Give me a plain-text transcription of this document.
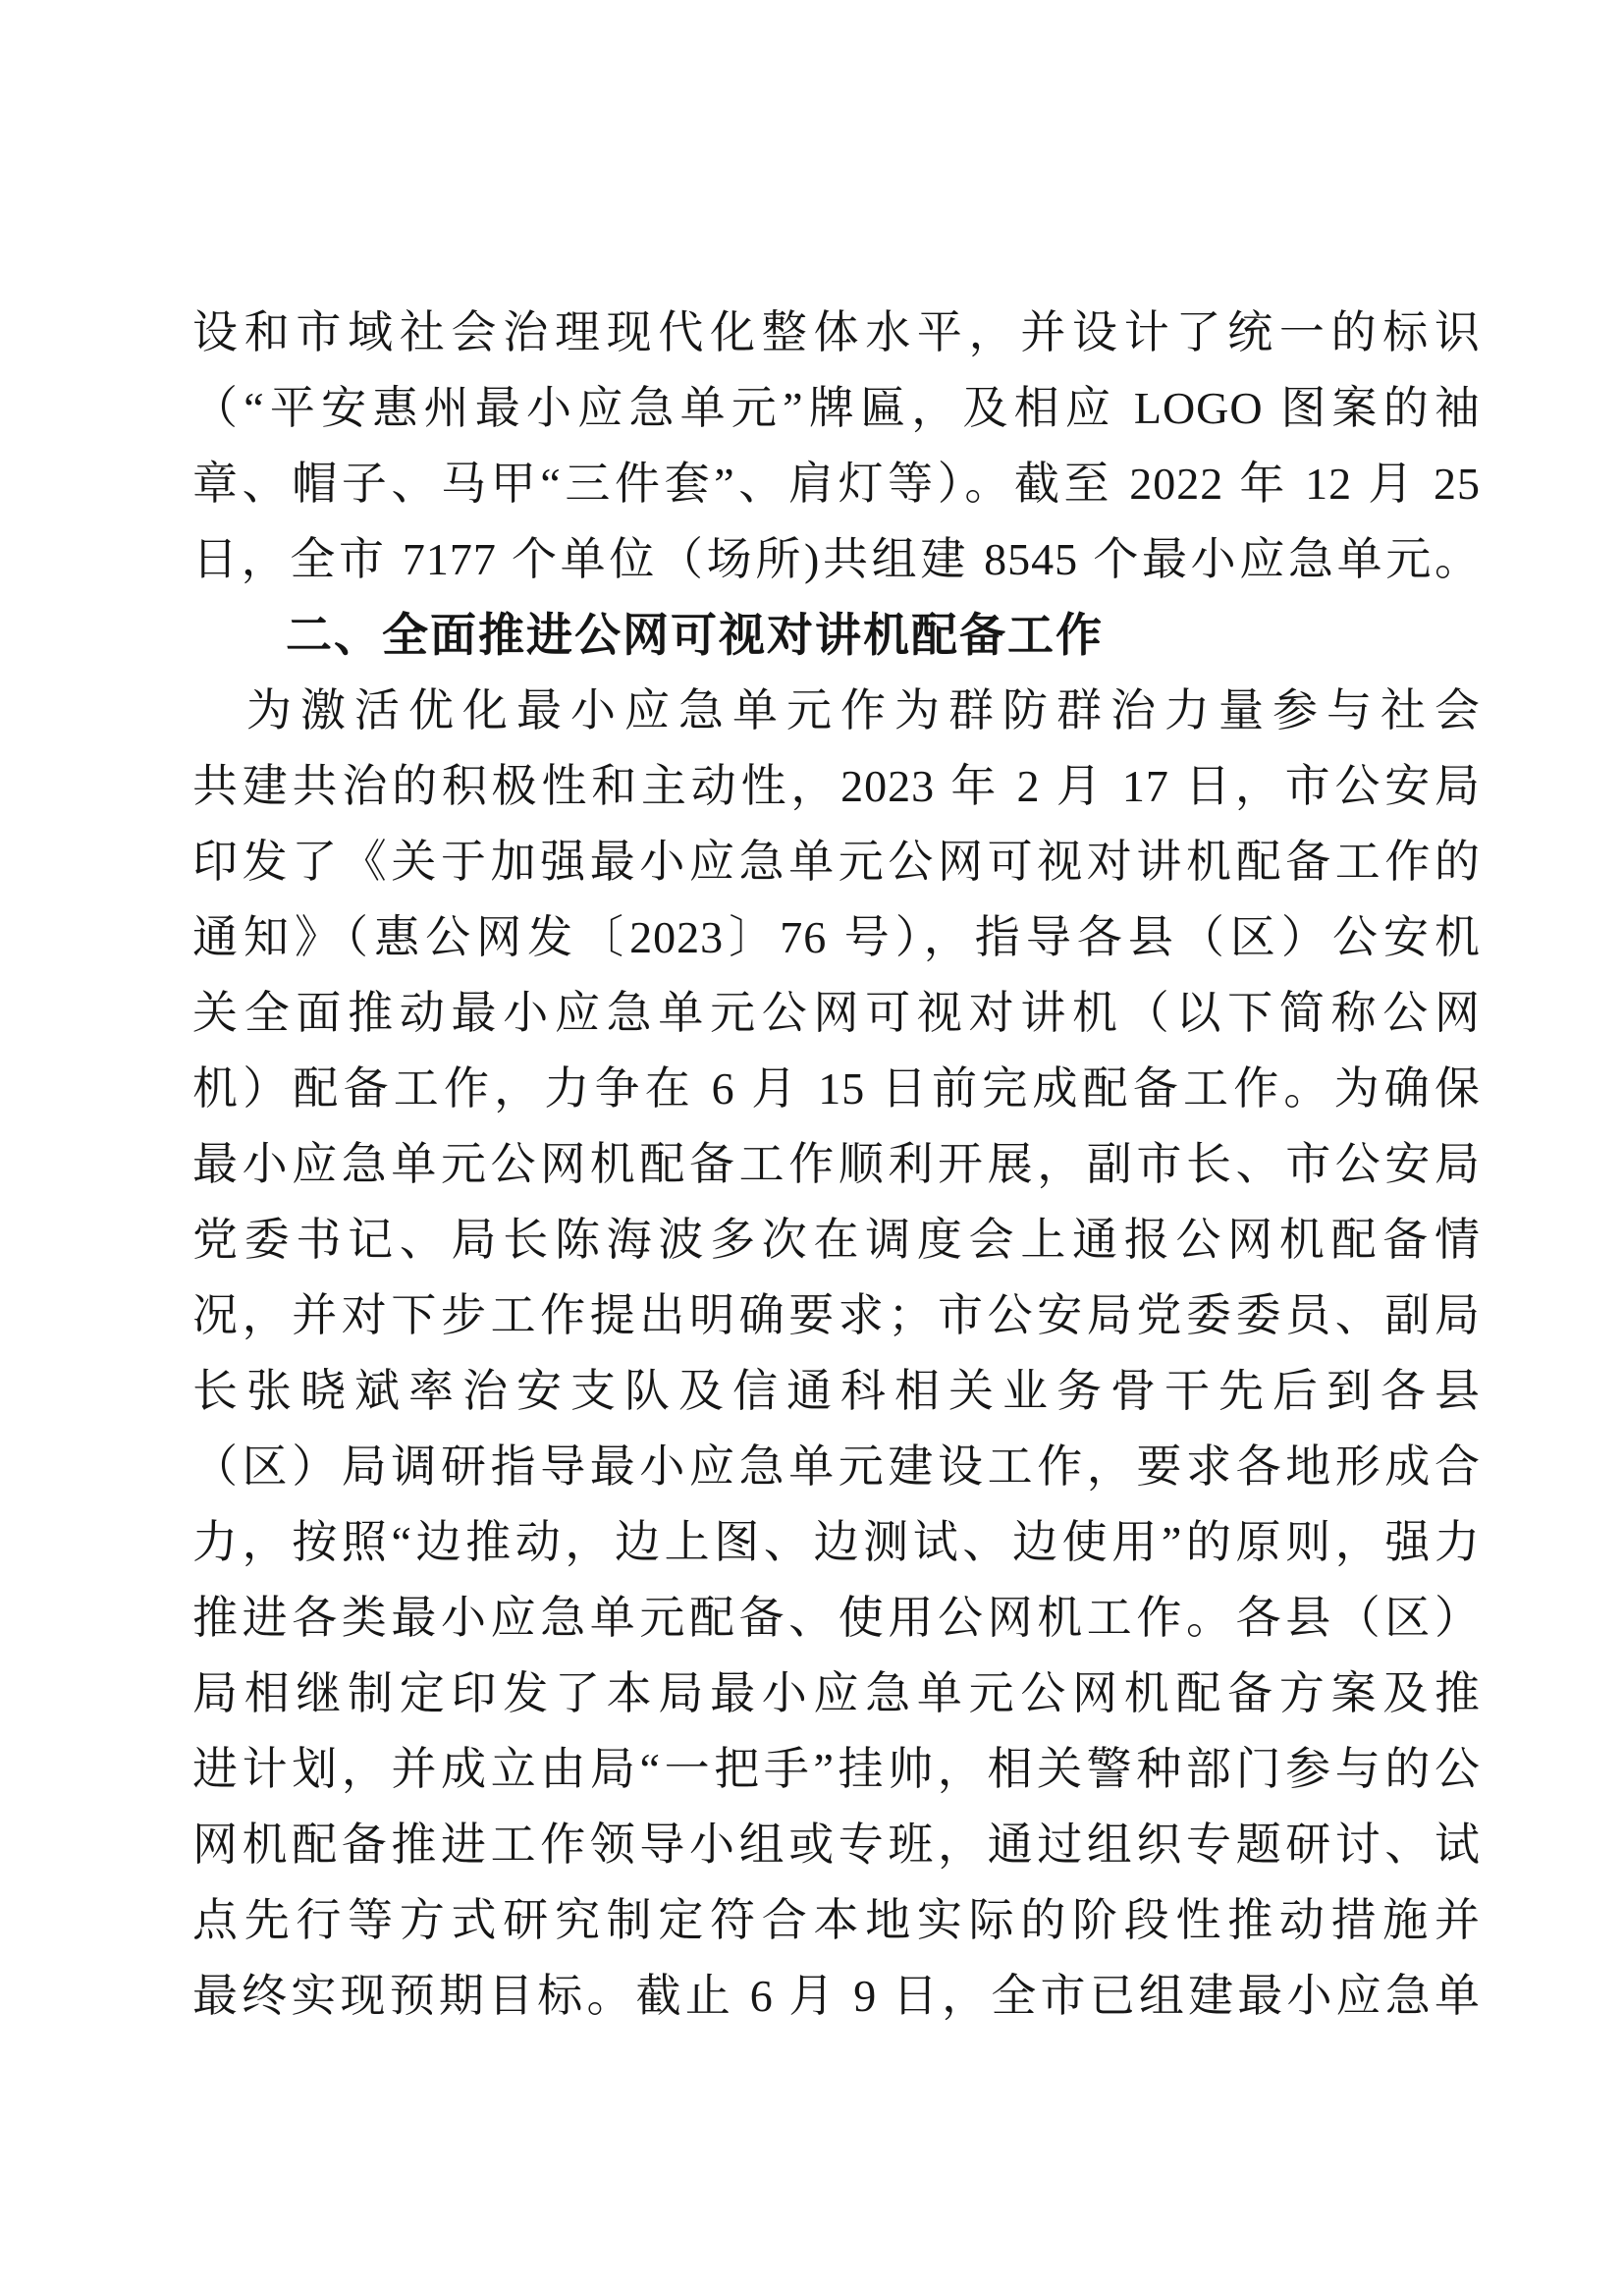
设和市域社会治理现代化整体水平，并设计了统一的标识
（“平安惠州最小应急单元”牌匾，及相应 LOGO 图案的袖
章、帽子、马甲“三件套”、肩灯等）。截至 2022 年 12 月 25
日，全市 7177 个单位（场所)共组建 8545 个最小应急单元。
二、全面推进公网可视对讲机配备工作
为激活优化最小应急单元作为群防群治力量参与社会
共建共治的积极性和主动性，2023 年 2 月 17 日，市公安局
印发了《关于加强最小应急单元公网可视对讲机配备工作的
通知》（惠公网发〔2023〕76 号），指导各县（区）公安机
关全面推动最小应急单元公网可视对讲机（以下简称公网
机）配备工作，力争在 6 月 15 日前完成配备工作。为确保
最小应急单元公网机配备工作顺利开展，副市长、市公安局
党委书记、局长陈海波多次在调度会上通报公网机配备情
况，并对下步工作提出明确要求；市公安局党委委员、副局
长张晓斌率治安支队及信通科相关业务骨干先后到各县
（区）局调研指导最小应急单元建设工作，要求各地形成合
力，按照“边推动，边上图、边测试、边使用”的原则，强力
推进各类最小应急单元配备、使用公网机工作。各县（区）
局相继制定印发了本局最小应急单元公网机配备方案及推
进计划，并成立由局“一把手”挂帅，相关警种部门参与的公
网机配备推进工作领导小组或专班，通过组织专题研讨、试
点先行等方式研究制定符合本地实际的阶段性推动措施并
最终实现预期目标。截止 6 月 9 日，全市已组建最小应急单
